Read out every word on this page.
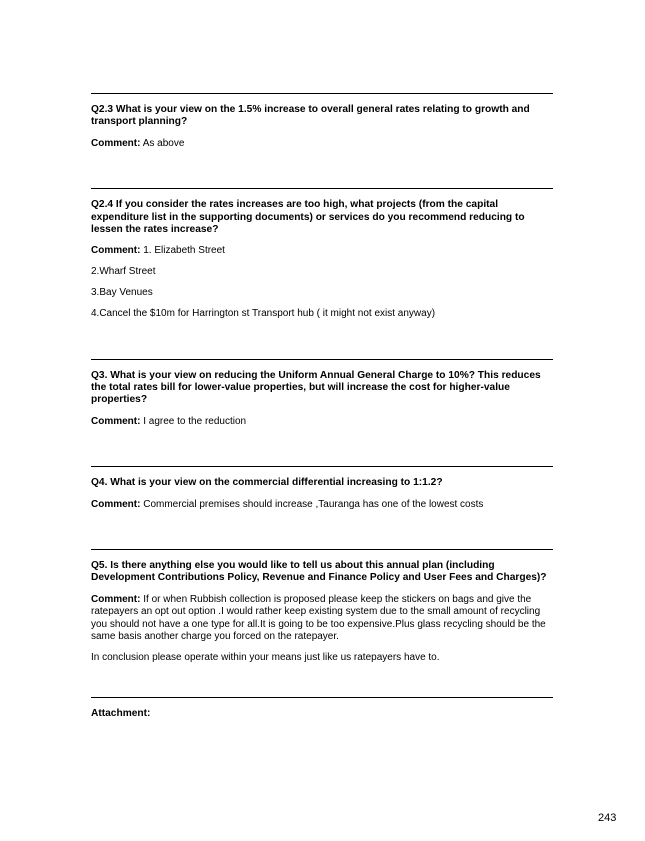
Q2.3 What is your view on the 1.5% increase to overall general rates relating to growth and transport planning?

Comment: As above

Q2.4 If you consider the rates increases are too high, what projects (from the capital expenditure list in the supporting documents) or services do you recommend reducing to lessen the rates increase?

Comment: 1. Elizabeth Street

2.Wharf Street

3.Bay Venues

4.Cancel the $10m for Harrington st Transport hub ( it might not exist anyway)

Q3. What is your view on reducing the Uniform Annual General Charge to 10%? This reduces the total rates bill for lower-value properties, but will increase the cost for higher-value properties?

Comment: I agree to the reduction

Q4. What is your view on the commercial differential increasing to 1:1.2?

Comment: Commercial premises should increase ,Tauranga has one of the lowest costs

Q5. Is there anything else you would like to tell us about this annual plan (including Development Contributions Policy, Revenue and Finance Policy and User Fees and Charges)?

Comment: If or when Rubbish collection is proposed please keep the stickers on bags and give the ratepayers an opt out option .I would rather keep existing system due to the small amount of recycling you should not have a one type for all.It is going to be too expensive.Plus glass recycling should be the same basis another charge you forced on the ratepayer.

In conclusion please operate within your means just like us ratepayers have to.

Attachment:

243
